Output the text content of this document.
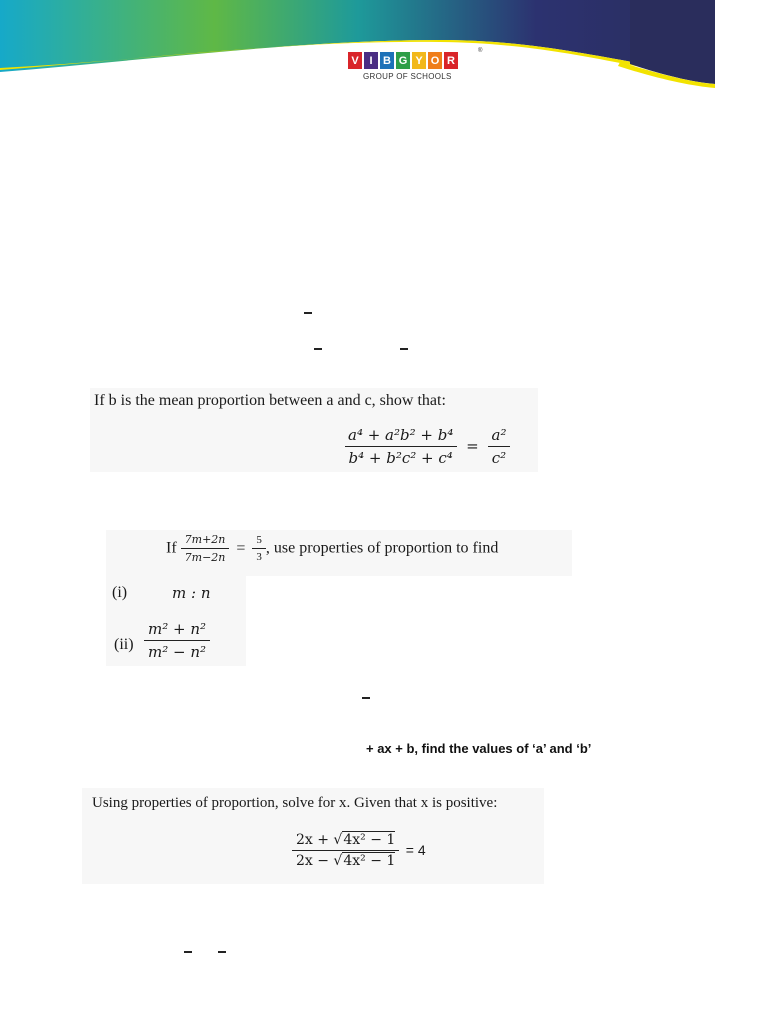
V I B G Y O R
®
GROUP OF SCHOOLS
If b is the mean proportion between a and c, show that:
$\frac{\text{a⁴ + a²b² + b⁴}}{\text{b⁴ + b²c² + c⁴}} = \frac{\text{a²}}{\text{c²}}$
If $\frac{7m+2n}{7m-2n} = \frac{5}{3}$ , use properties of proportion to find
(i)	m : n
$(ii) \frac{\text{m² + n²}}{\text{m² − n²}}$
+ ax + b, find the values of ‘a’ and ‘b’
Using properties of proportion, solve for x. Given that x is positive:
$\frac{\text{2x + √4x² − 1}}{\text{2x − √4x² − 1}} = 4$
